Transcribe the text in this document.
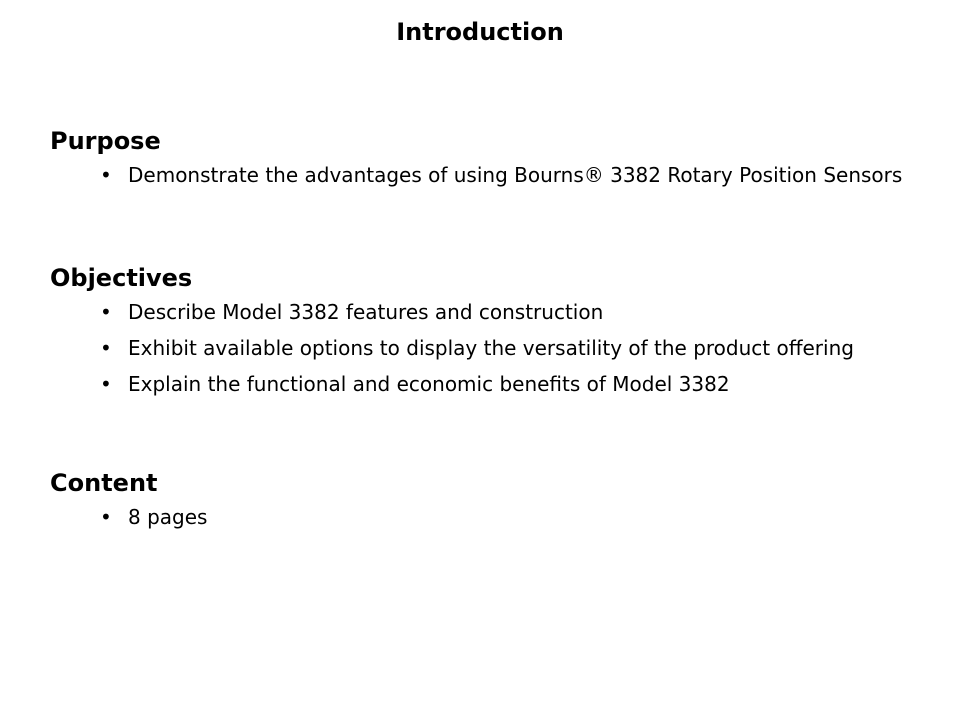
Introduction
Purpose
• Demonstrate the advantages of using Bourns® 3382 Rotary Position Sensors
Objectives
• Describe Model 3382 features and construction
• Exhibit available options to display the versatility of the product offering
• Explain the functional and economic benefits of Model 3382
Content
• 8 pages
